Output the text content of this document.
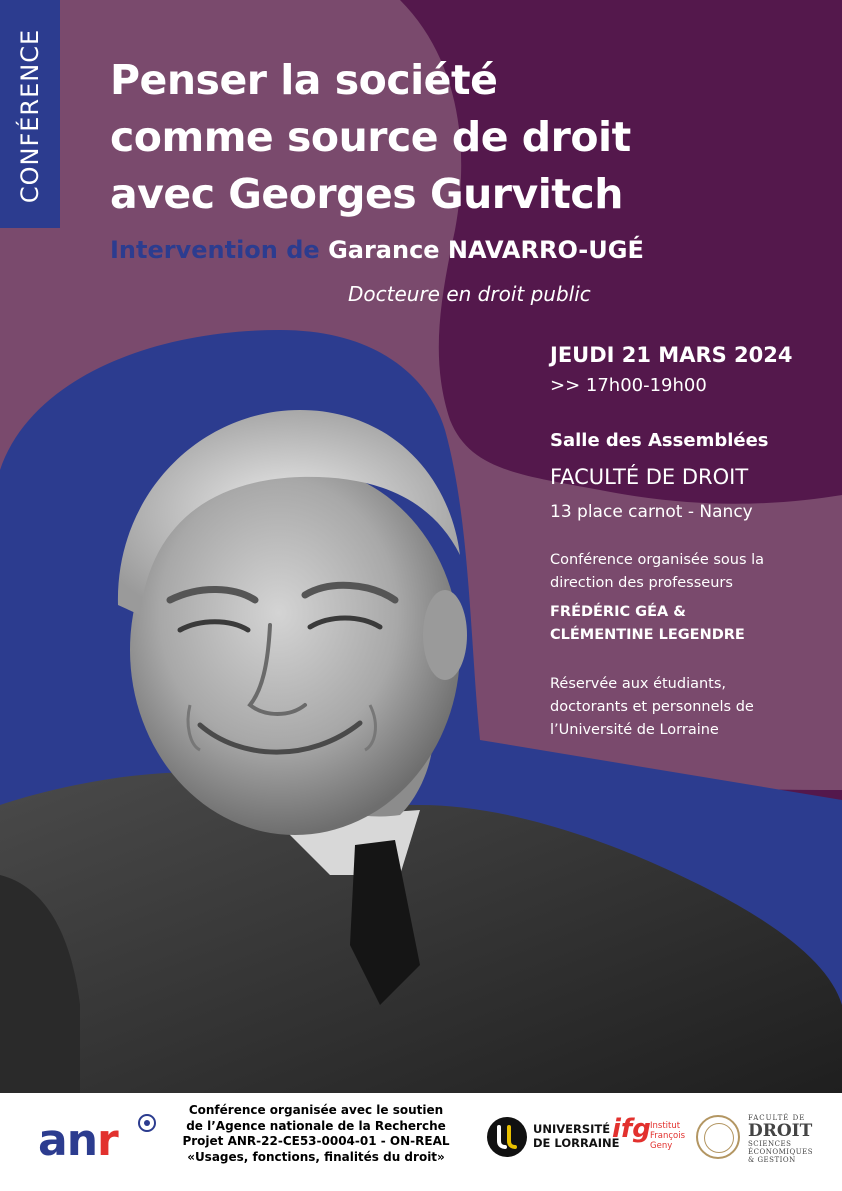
CONFÉRENCE Penser la société
comme source de droit
avec Georges Gurvitch
Intervention de Garance NAVARRO-UGÉ
Docteure en droit public
JEUDI 21 MARS 2024
>> 17h00-19h00
Salle des Assemblées
FACULTÉ DE DROIT
13 place carnot - Nancy
Conférence organisée sous la
direction des professeurs
FRÉDÉRIC GÉA &
CLÉMENTINE LEGENDRE
Réservée aux étudiants,
doctorants et personnels de
l’Université de Lorraine
anr
Conférence organisée avec le soutien
de l’Agence nationale de la Recherche
Projet ANR-22-CE53-0004-01 - ON-REAL
«Usages, fonctions, finalités du droit»
UNIVERSITÉ
DE LORRAINE
ifg Institut
François
Geny
FACULTÉ DE
DROIT
SCIENCES
ÉCONOMIQUES
& GESTION
